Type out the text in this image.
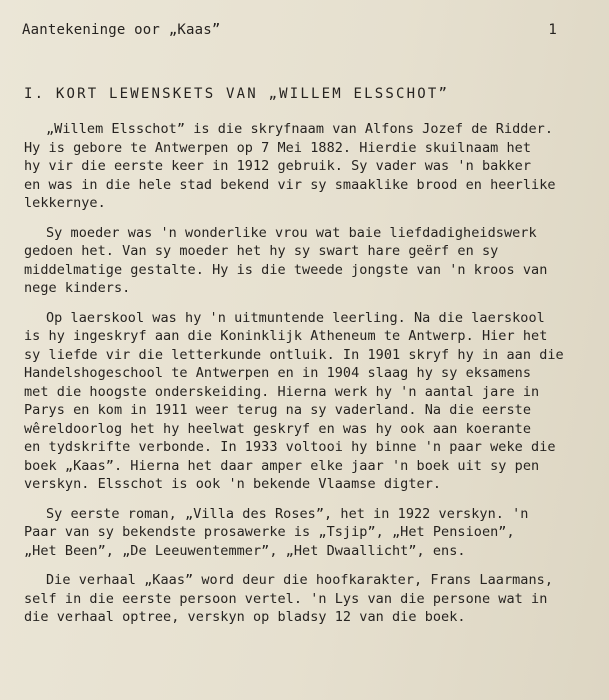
Aantekeninge oor „Kaas”	1
I. KORT LEWENSKETS VAN „WILLEM ELSSCHOT”
„Willem Elsschot” is die skryfnaam van Alfons Jozef de Ridder.
Hy is gebore te Antwerpen op 7 Mei 1882. Hierdie skuilnaam het
hy vir die eerste keer in 1912 gebruik. Sy vader was 'n bakker
en was in die hele stad bekend vir sy smaaklike brood en heerlike
lekkernye.
Sy moeder was 'n wonderlike vrou wat baie liefdadigheidswerk
gedoen het. Van sy moeder het hy sy swart hare geërf en sy
middelmatige gestalte. Hy is die tweede jongste van 'n kroos van
nege kinders.
Op laerskool was hy 'n uitmuntende leerling. Na die laerskool
is hy ingeskryf aan die Koninklijk Atheneum te Antwerp. Hier het
sy liefde vir die letterkunde ontluik. In 1901 skryf hy in aan die
Handelshogeschool te Antwerpen en in 1904 slaag hy sy eksamens
met die hoogste onderskeiding. Hierna werk hy 'n aantal jare in
Parys en kom in 1911 weer terug na sy vaderland. Na die eerste
wêreldoorlog het hy heelwat geskryf en was hy ook aan koerante
en tydskrifte verbonde. In 1933 voltooi hy binne 'n paar weke die
boek „Kaas”. Hierna het daar amper elke jaar 'n boek uit sy pen
verskyn. Elsschot is ook 'n bekende Vlaamse digter.
Sy eerste roman, „Villa des Roses”, het in 1922 verskyn. 'n
Paar van sy bekendste prosawerke is „Tsjip”, „Het Pensioen”,
„Het Been”, „De Leeuwentemmer”, „Het Dwaallicht”, ens.
Die verhaal „Kaas” word deur die hoofkarakter, Frans Laarmans,
self in die eerste persoon vertel. 'n Lys van die persone wat in
die verhaal optree, verskyn op bladsy 12 van die boek.
